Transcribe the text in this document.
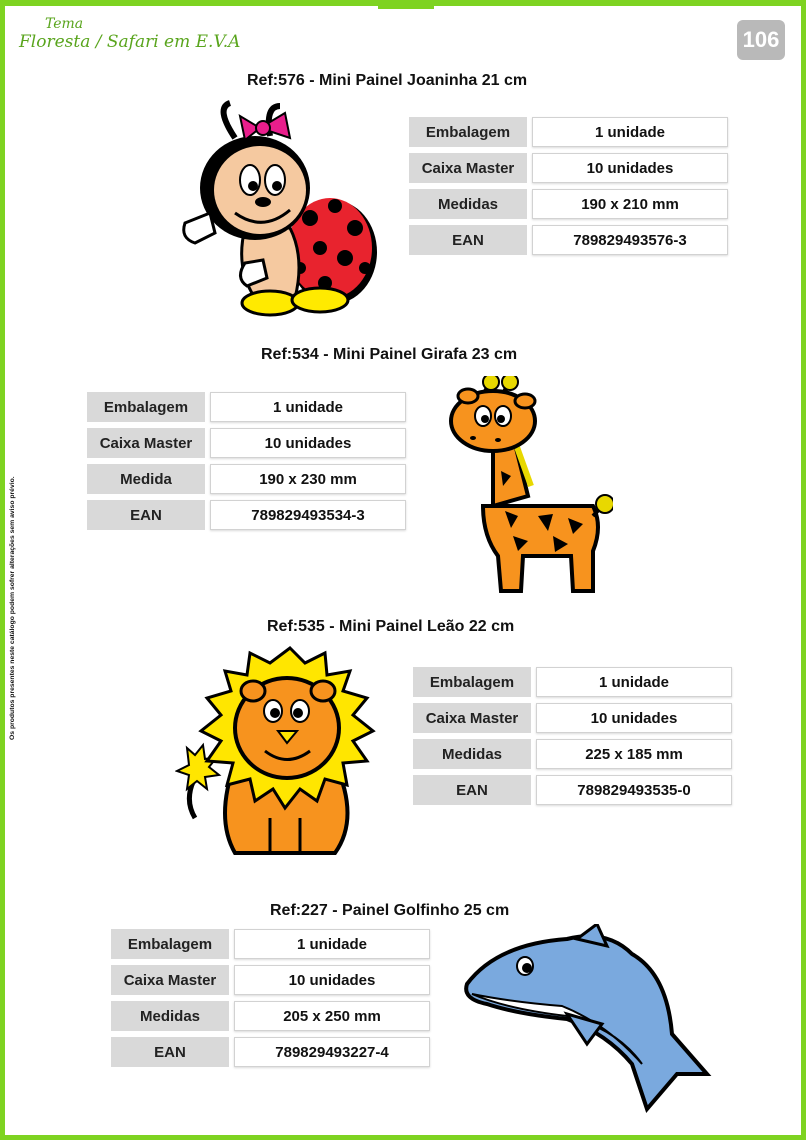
Tema
Floresta / Safari em E.V.A	106
Os produtos presentes neste catálogo podem sofrer alterações sem aviso prévio.
Ref:576 - Mini Painel Joaninha 21 cm
Embalagem	1 unidade
Caixa Master	10 unidades
Medidas	190 x 210 mm
EAN	789829493576-3
Ref:534 - Mini Painel Girafa 23 cm
Embalagem	1 unidade
Caixa Master	10 unidades
Medida	190 x 230 mm
EAN	789829493534-3
Ref:535 - Mini Painel Leão 22 cm
Embalagem	1 unidade
Caixa Master	10 unidades
Medidas	225 x 185 mm
EAN	789829493535-0
Ref:227 - Painel Golfinho 25 cm
Embalagem	1 unidade
Caixa Master	10 unidades
Medidas	205 x 250 mm
EAN	789829493227-4
